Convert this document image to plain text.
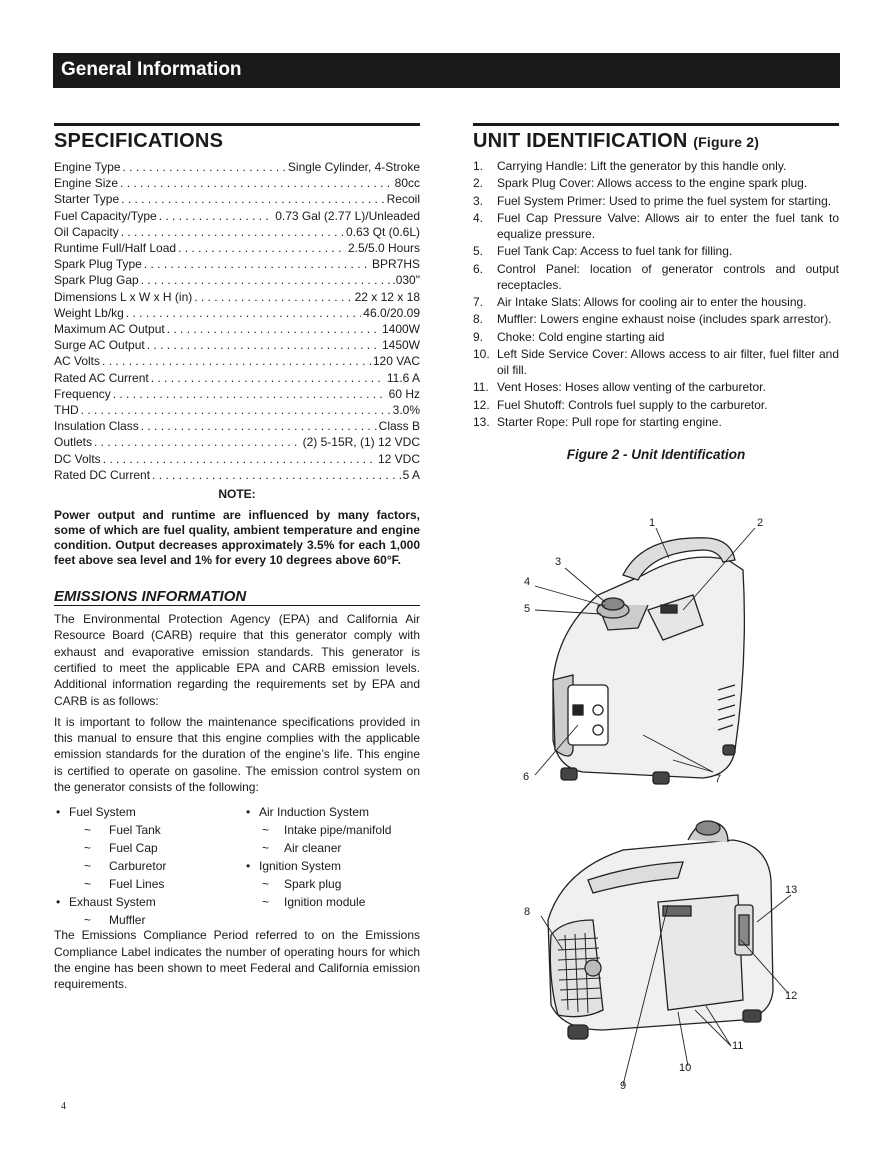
General Information
SPECIFICATIONS
Engine Type . . .	Single Cylinder, 4-Stroke
Engine Size . . .	80cc
Starter Type . . .	Recoil
Fuel Capacity/Type . . .	0.73 Gal (2.77 L)/Unleaded
Oil Capacity . . .	0.63 Qt (0.6L)
Runtime Full/Half Load . . .	2.5/5.0 Hours
Spark Plug Type . . .	BPR7HS
Spark Plug Gap . . .	.030"
Dimensions L x W x H (in) . . .	22 x 12 x 18
Weight Lb/kg . . .	46.0/20.09
Maximum AC Output . . .	1400W
Surge AC Output . . .	1450W
AC Volts . . .	120 VAC
Rated AC Current . . .	11.6 A
Frequency . . .	60 Hz
THD . . .	3.0%
Insulation Class . . .	Class B
Outlets . . .	(2) 5-15R, (1) 12 VDC
DC Volts . . .	12 VDC
Rated DC Current . . .	5 A
NOTE:
Power output and runtime are influenced by many factors, some of which are fuel quality, ambient temperature and engine condition. Output decreases approximately 3.5% for each 1,000 feet above sea level and 1% for every 10 degrees above 60°F.
EMISSIONS INFORMATION

The Environmental Protection Agency (EPA) and California Air Resource Board (CARB) require that this generator comply with exhaust and evaporative emission standards. This generator is certified to meet the applicable EPA and CARB emission levels. Additional information regarding the requirements set by EPA and CARB is as follows:

It is important to follow the maintenance specifications provided in this manual to ensure that this engine complies with the applicable emission standards for the duration of the engine’s life. This engine is certified to operate on gasoline. The emission control system on the generator consists of the following:

• Fuel System
~ Fuel Tank
~ Fuel Cap
~ Carburetor
~ Fuel Lines
• Exhaust System
~ Muffler
• Air Induction System
~ Intake pipe/manifold
~ Air cleaner
• Ignition System
~ Spark plug
~ Ignition module

The Emissions Compliance Period referred to on the Emissions Compliance Label indicates the number of operating hours for which the engine has been shown to meet Federal and California emission requirements.

UNIT IDENTIFICATION (Figure 2)
1. Carrying Handle: Lift the generator by this handle only.
2. Spark Plug Cover: Allows access to the engine spark plug.
3. Fuel System Primer: Used to prime the fuel system for starting.
4. Fuel Cap Pressure Valve: Allows air to enter the fuel tank to equalize pressure.
5. Fuel Tank Cap: Access to fuel tank for filling.
6. Control Panel: location of generator controls and output receptacles.
7. Air Intake Slats: Allows for cooling air to enter the housing.
8. Muffler: Lowers engine exhaust noise (includes spark arrestor).
9. Choke: Cold engine starting aid
10. Left Side Service Cover: Allows access to air filter, fuel filter and oil fill.
11. Vent Hoses: Hoses allow venting of the carburetor.
12. Fuel Shutoff: Controls fuel supply to the carburetor.
13. Starter Rope: Pull rope for starting engine.
Figure 2 - Unit Identification
1	2
3
4
5
6	7
8
9
10
11
12
13
4
